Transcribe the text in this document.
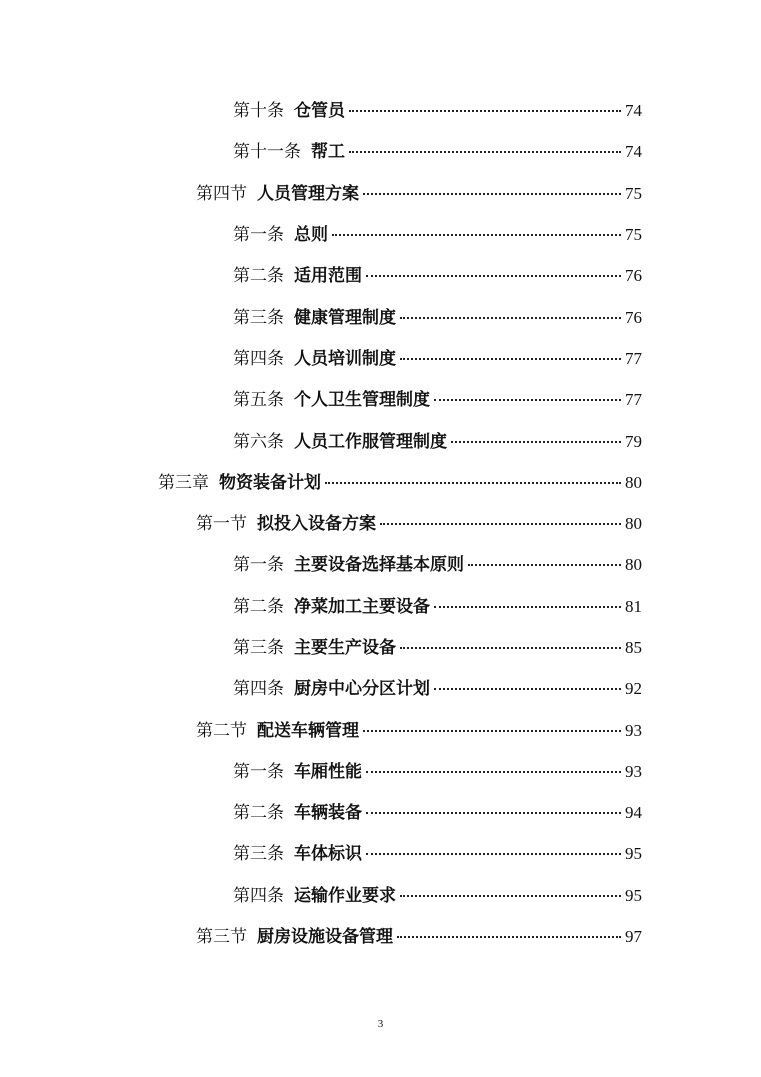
第十条 仓管员	74
第十一条 帮工	74
第四节 人员管理方案	75
第一条 总则	75
第二条 适用范围	76
第三条 健康管理制度	76
第四条 人员培训制度	77
第五条 个人卫生管理制度	77
第六条 人员工作服管理制度	79
第三章 物资装备计划	80
第一节 拟投入设备方案	80
第一条 主要设备选择基本原则	80
第二条 净菜加工主要设备	81
第三条 主要生产设备	85
第四条 厨房中心分区计划	92
第二节 配送车辆管理	93
第一条 车厢性能	93
第二条 车辆装备	94
第三条 车体标识	95
第四条 运输作业要求	95
第三节 厨房设施设备管理	97
3
